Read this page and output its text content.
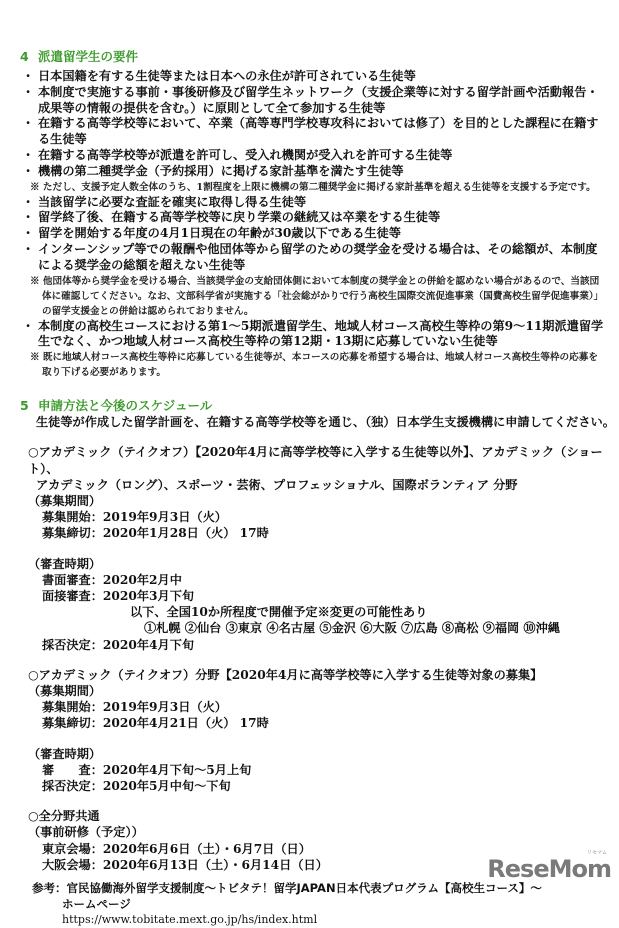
4 派遣留学生の要件
・ 日本国籍を有する生徒等または日本への永住が許可されている生徒等
・ 本制度で実施する事前・事後研修及び留学生ネットワーク（支援企業等に対する留学計画や活動報告・成果等の情報の提供を含む。）に原則として全て参加する生徒等
・ 在籍する高等学校等において、卒業（高等専門学校専攻科においては修了）を目的とした課程に在籍する生徒等
・ 在籍する高等学校等が派遣を許可し、受入れ機関が受入れを許可する生徒等
・ 機構の第二種奨学金（予約採用）に掲げる家計基準を満たす生徒等
※ ただし、支援予定人数全体のうち、1割程度を上限に機構の第二種奨学金に掲げる家計基準を超える生徒等を支援する予定です。
・ 当該留学に必要な査証を確実に取得し得る生徒等
・ 留学終了後、在籍する高等学校等に戻り学業の継続又は卒業をする生徒等
・ 留学を開始する年度の4月1日現在の年齢が30歳以下である生徒等
・ インターンシップ等での報酬や他団体等から留学のための奨学金を受ける場合は、その総額が、本制度による奨学金の総額を超えない生徒等
※ 他団体等から奨学金を受ける場合、当該奨学金の支給団体側において本制度の奨学金との併給を認めない場合があるので、当該団体に確認してください。なお、文部科学省が実施する「社会総がかりで行う高校生国際交流促進事業（国費高校生留学促進事業）」の留学支援金との併給は認められておりません。
・ 本制度の高校生コースにおける第1～5期派遣留学生、地域人材コース高校生等枠の第9～11期派遣留学生でなく、かつ地域人材コース高校生等枠の第12期・13期に応募していない生徒等
※ 既に地域人材コース高校生等枠に応募している生徒等が、本コースの応募を希望する場合は、地域人材コース高校生等枠の応募を取り下げる必要があります。
5 申請方法と今後のスケジュール
生徒等が作成した留学計画を、在籍する高等学校等を通じ、（独）日本学生支援機構に申請してください。
○アカデミック（テイクオフ）【2020年4月に高等学校等に入学する生徒等以外】、アカデミック（ショート）、
アカデミック（ロング）、スポーツ・芸術、プロフェッショナル、国際ボランティア 分野
（募集期間）
募集開始：2019年9月3日（火）
募集締切：2020年1月28日（火） 17時
（審査時期）
書面審査：2020年2月中
面接審査：2020年3月下旬
以下、全国10か所程度で開催予定※変更の可能性あり
①札幌 ②仙台 ③東京 ④名古屋 ⑤金沢 ⑥大阪 ⑦広島 ⑧高松 ⑨福岡 ⑩沖縄
採否決定：2020年4月下旬
○アカデミック（テイクオフ）分野【2020年4月に高等学校等に入学する生徒等対象の募集】
（募集期間）
募集開始：2019年9月3日（火）
募集締切：2020年4月21日（火） 17時
（審査時期）
審　　査：2020年4月下旬～5月上旬
採否決定：2020年5月中旬～下旬
○全分野共通
（事前研修（予定））
東京会場：2020年6月6日（土）・6月7日（日）
大阪会場：2020年6月13日（土）・6月14日（日）
参考：官民協働海外留学支援制度～トビタテ！留学JAPAN日本代表プログラム【高校生コース】～
ホームページ
https://www.tobitate.mext.go.jp/hs/index.html
リセマム
ReseMom
